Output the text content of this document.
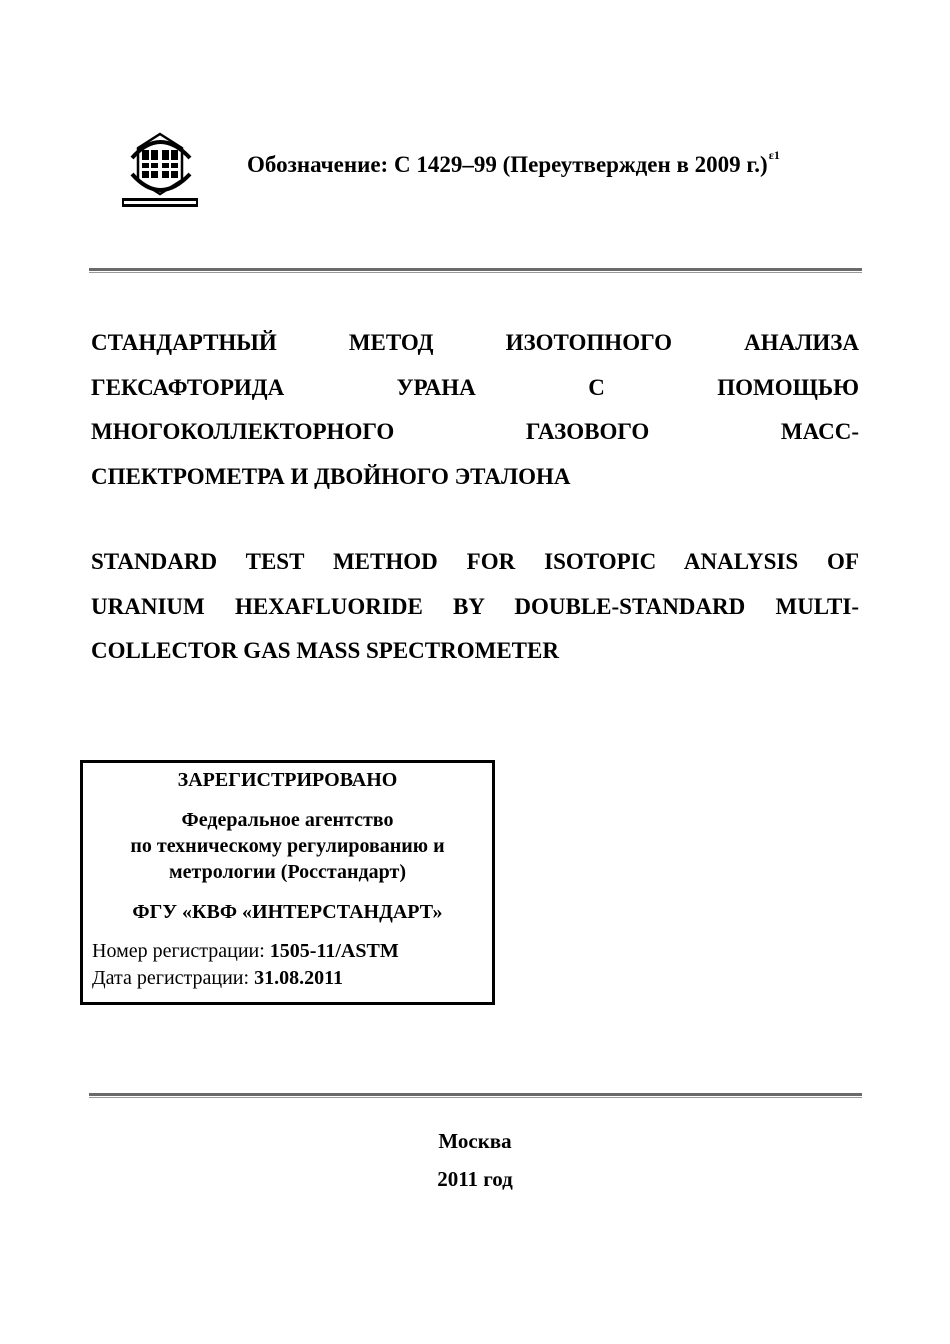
Обозначение: C 1429–99 (Переутвержден в 2009 г.)$^{\varepsilon 1}$
СТАНДАРТНЫЙ МЕТОД ИЗОТОПНОГО АНАЛИЗА
ГЕКСАФТОРИДА УРАНА С ПОМОЩЬЮ
МНОГОКОЛЛЕКТОРНОГО ГАЗОВОГО МАСС-
СПЕКТРОМЕТРА И ДВОЙНОГО ЭТАЛОНА
STANDARD TEST METHOD FOR ISOTOPIC ANALYSIS OF
URANIUM HEXAFLUORIDE BY DOUBLE-STANDARD MULTI-
COLLECTOR GAS MASS SPECTROMETER
ЗАРЕГИСТРИРОВАНО
Федеральное агентство
по техническому регулированию и
метрологии (Росстандарт)
ФГУ «КВФ «ИНТЕРСТАНДАРТ»
Номер регистрации: 1505-11/ASTM
Дата регистрации: 31.08.2011
Москва
2011 год
